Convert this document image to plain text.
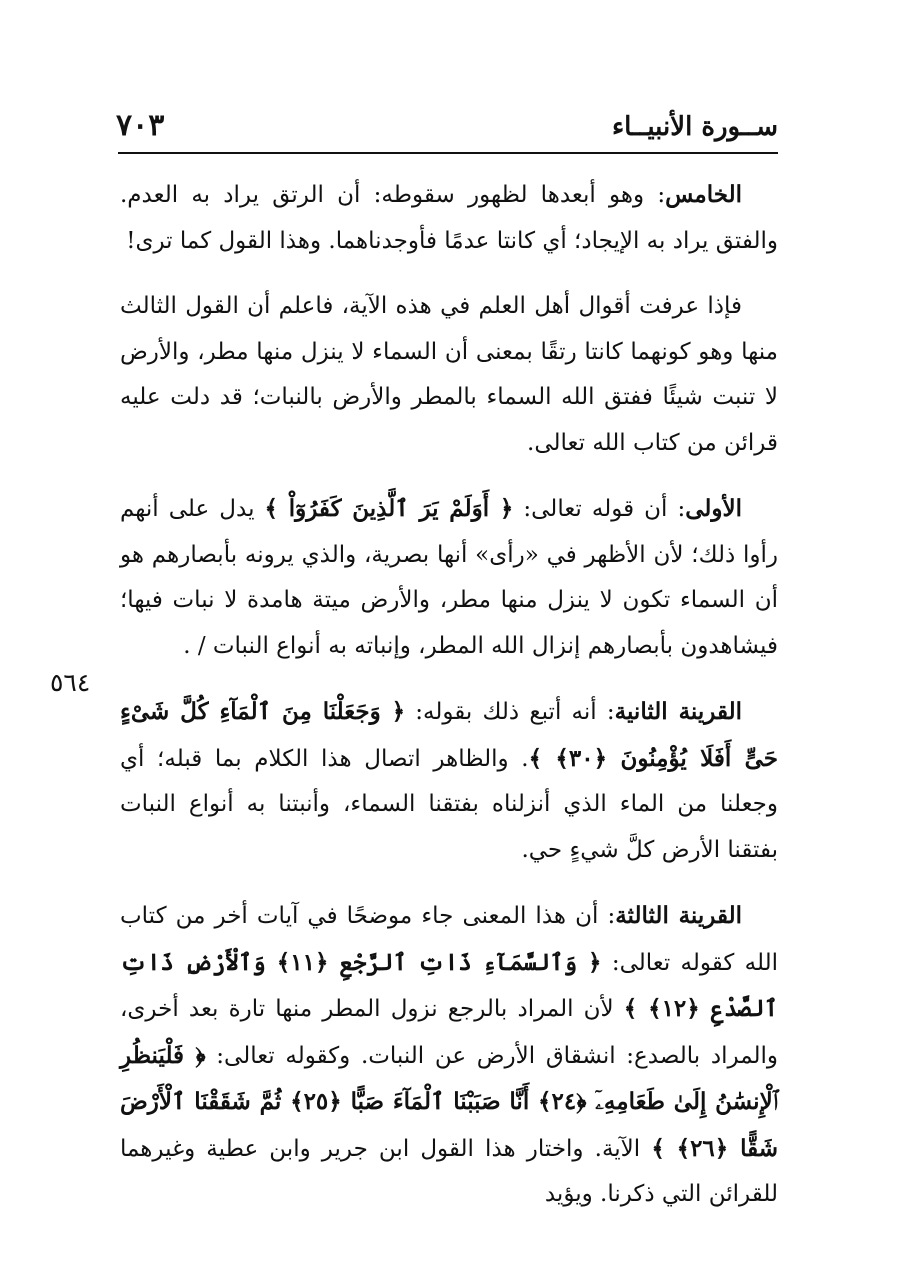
٧٠٣	ســورة الأنبيــاء
٥٦٤

الخامس: وهو أبعدها لظهور سقوطه: أن الرتق يراد به العدم. والفتق يراد به الإيجاد؛ أي كانتا عدمًا فأوجدناهما. وهذا القول كما ترى!

فإذا عرفت أقوال أهل العلم في هذه الآية، فاعلم أن القول الثالث منها وهو كونهما كانتا رتقًا بمعنى أن السماء لا ينزل منها مطر، والأرض لا تنبت شيئًا ففتق الله السماء بالمطر والأرض بالنبات؛ قد دلت عليه قرائن من كتاب الله تعالى.

الأولى: أن قوله تعالى: ﴿ أَوَلَمْ يَرَ ٱلَّذِينَ كَفَرُوٓاْ ﴾ يدل على أنهم رأوا ذلك؛ لأن الأظهر في «رأى» أنها بصرية، والذي يرونه بأبصارهم هو أن السماء تكون لا ينزل منها مطر، والأرض ميتة هامدة لا نبات فيها؛ فيشاهدون بأبصارهم إنزال الله المطر، وإنباته به أنواع النبات / .

القرينة الثانية: أنه أتبع ذلك بقوله: ﴿ وَجَعَلْنَا مِنَ ٱلْمَآءِ كُلَّ شَىْءٍ حَىٍّ أَفَلَا يُؤْمِنُونَ ﴿٣٠﴾ ﴾. والظاهر اتصال هذا الكلام بما قبله؛ أي وجعلنا من الماء الذي أنزلناه بفتقنا السماء، وأنبتنا به أنواع النبات بفتقنا الأرض كلَّ شيءٍ حي.

القرينة الثالثة: أن هذا المعنى جاء موضحًا في آيات أخر من كتاب الله كقوله تعالى: ﴿ وَٱلسَّمَآءِ ذَاتِ ٱلرَّجْعِ ﴿١١﴾ وَٱلْأَرْضِ ذَاتِ ٱلصَّدْعِ ﴿١٢﴾ ﴾ لأن المراد بالرجع نزول المطر منها تارة بعد أخرى، والمراد بالصدع: انشقاق الأرض عن النبات. وكقوله تعالى: ﴿ فَلْيَنظُرِ ٱلْإِنسَٰنُ إِلَىٰ طَعَامِهِۦٓ ﴿٢٤﴾ أَنَّا صَبَبْنَا ٱلْمَآءَ صَبًّا ﴿٢٥﴾ ثُمَّ شَقَقْنَا ٱلْأَرْضَ شَقًّا ﴿٢٦﴾ ﴾ الآية. واختار هذا القول ابن جرير وابن عطية وغيرهما للقرائن التي ذكرنا. ويؤيد
